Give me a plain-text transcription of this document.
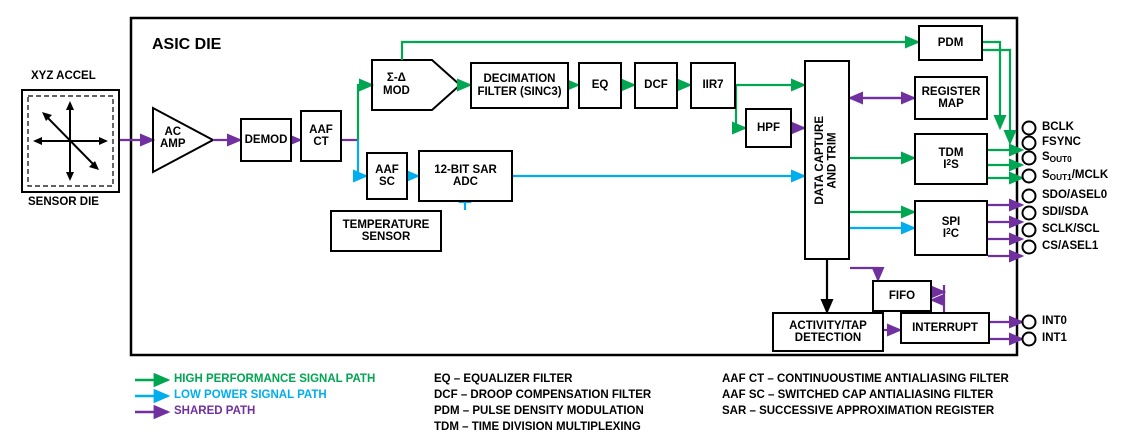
XYZ ACCEL
SENSOR DIE
ASIC DIE
AC
AMP	DEMOD
AAF
CT
Σ-Δ
MOD
DECIMATION
FILTER (SINC3)
EQ	DCF	IIR7
HPF
AAF
SC
12-BIT SAR
ADC
TEMPERATURE
SENSOR
DATA CAPTURE
AND TRIM
PDM
REGISTER
MAP
TDM
$I^2S$
SPI
$I^2C$
FIFO
ACTIVITY/TAP
DETECTION
INTERRUPT
BCLK
FSYNC
$S_{OUT0}$
$S_{OUT1}$/MCLK
SDO/ASEL0
SDI/SDA
SCLK/SCL
CS/ASEL1
INT0
INT1
HIGH PERFORMANCE SIGNAL PATH
LOW POWER SIGNAL PATH
SHARED PATH
EQ – EQUALIZER FILTER
DCF – DROOP COMPENSATION FILTER
PDM – PULSE DENSITY MODULATION
TDM – TIME DIVISION MULTIPLEXING
AAF CT – CONTINUOUSTIME ANTIALIASING FILTER
AAF SC – SWITCHED CAP ANTIALIASING FILTER
SAR – SUCCESSIVE APPROXIMATION REGISTER
